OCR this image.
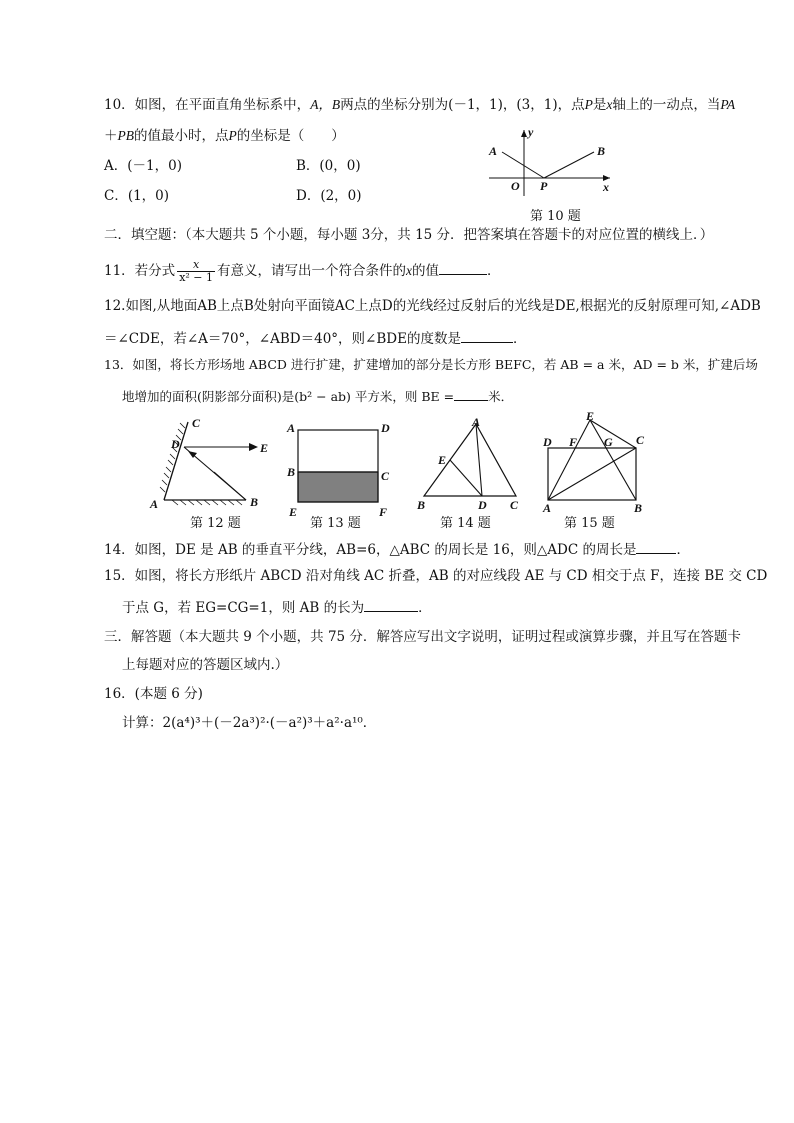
10．如图，在平面直角坐标系中，A，B两点的坐标分别为(－1，1)，(3，1)，点P是x轴上的一动点，当PA
＋PB的值最小时，点P的坐标是（　　）
A．(－1，0)	B．(0，0)
C．(1，0)	D．(2，0)
y
x
O P
A	B
第 10 题
二．填空题：（本大题共 5 个小题，每小题 3分，共 15 分．把答案填在答题卡的对应位置的横线上．）
11．若分式 $\frac{x}{\text{x² − 1}}$ 有意义，请写出一个符合条件的x的值	．
12.如图,从地面AB上点B处射向平面镜AC上点D的光线经过反射后的光线是DE,根据光的反射原理可知,∠ADB
＝∠CDE，若∠A＝70°，∠ABD＝40°，则∠BDE的度数是	．
13．如图，将长方形场地 ABCD 进行扩建，扩建增加的部分是长方形 BEFC，若 AB = a 米，AD = b 米，扩建后场
地增加的面积(阴影部分面积)是(b² − ab) 平方米，则 BE =	米．
C
D	E
A	B
第 12 题
A	D
B	C
E	F
第 13 题
A
E
B	D C
第 14 题
E
D F G C
A	B
第 15 题
14．如图，DE 是 AB 的垂直平分线，AB=6，△ABC 的周长是 16，则△ADC 的周长是	．
15．如图，将长方形纸片 ABCD 沿对角线 AC 折叠，AB 的对应线段 AE 与 CD 相交于点 F，连接 BE 交 CD
于点 G，若 EG=CG=1，则 AB 的长为	．
三．解答题（本大题共 9 个小题，共 75 分．解答应写出文字说明，证明过程或演算步骤，并且写在答题卡
上每题对应的答题区域内.）
16．(本题 6 分)
计算：2(a⁴)³＋(－2a³)²·(－a²)³＋a²·a¹⁰．
